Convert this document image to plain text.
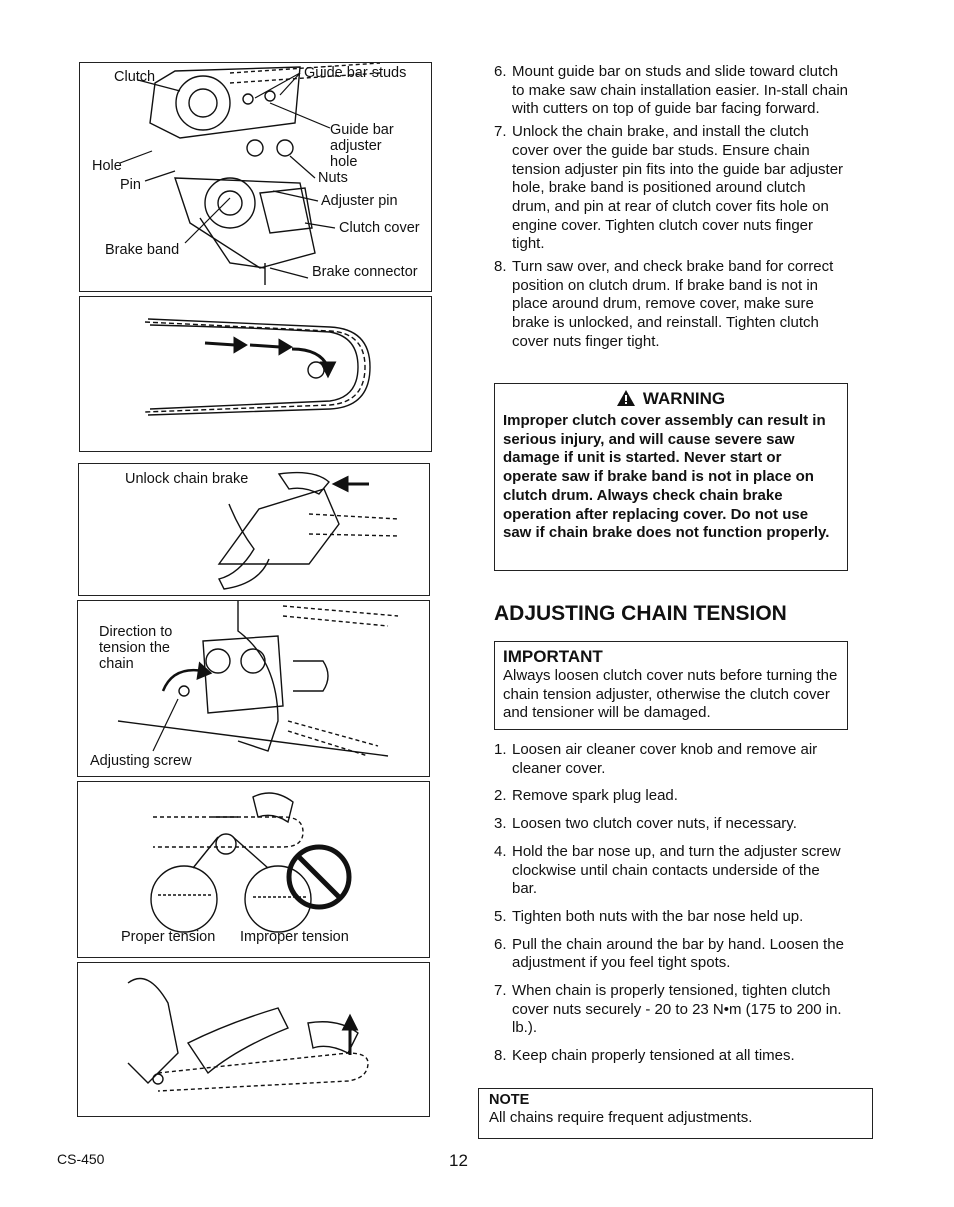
Clutch	Guide bar studs
Guide bar adjuster hole
Hole
Pin	Nuts
Adjuster pin
Clutch cover
Brake band
Brake connector
Unlock chain brake
Direction to tension the chain
Adjusting screw
Proper tension Improper tension
6. Mount guide bar on studs and slide toward clutch to make saw chain installation easier. In-stall chain with cutters on top of guide bar facing forward.
7. Unlock the chain brake, and install the clutch cover over the guide bar studs. Ensure chain tension adjuster pin fits into the guide bar adjuster hole, brake band is positioned around clutch drum, and pin at rear of clutch cover fits hole on engine cover. Tighten clutch cover nuts finger tight.
8. Turn saw over, and check brake band for correct position on clutch drum. If brake band is not in place around drum, remove cover, make sure brake is unlocked, and reinstall. Tighten clutch cover nuts finger tight.
WARNING
Improper clutch cover assembly can result in serious injury, and will cause severe saw damage if unit is started. Never start or operate saw if brake band is not in place on clutch drum. Always check chain brake operation after replacing cover. Do not use saw if chain brake does not function properly.
ADJUSTING CHAIN TENSION
IMPORTANT
Always loosen clutch cover nuts before turning the chain tension adjuster, otherwise the clutch cover and tensioner will be damaged.
1. Loosen air cleaner cover knob and remove air cleaner cover.
2. Remove spark plug lead.
3. Loosen two clutch cover nuts, if necessary.
4. Hold the bar nose up, and turn the adjuster screw clockwise until chain contacts underside of the bar.
5. Tighten both nuts with the bar nose held up.
6. Pull the chain around the bar by hand. Loosen the adjustment if you feel tight spots.
7. When chain is properly tensioned, tighten clutch cover nuts securely - 20 to 23 N•m (175 to 200 in. lb.).
8. Keep chain properly tensioned at all times.
NOTE
All chains require frequent adjustments.
CS-450	12
